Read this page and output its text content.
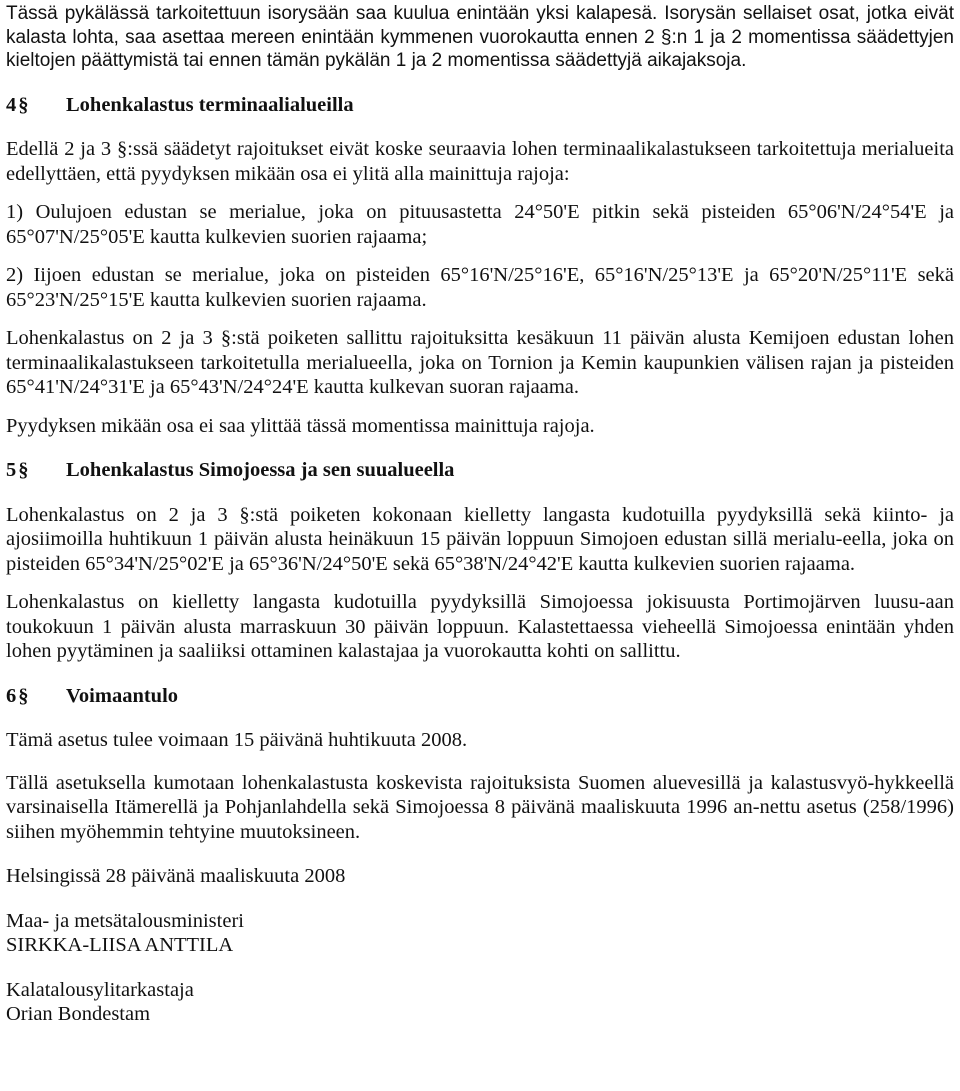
Tässä pykälässä tarkoitettuun isorysään saa kuulua enintään yksi kalapesä. Isorysän sellaiset osat, jotka eivät kalasta lohta, saa asettaa mereen enintään kymmenen vuorokautta ennen 2 §:n 1 ja 2 momentissa säädettyjen kieltojen päättymistä tai ennen tämän pykälän 1 ja 2 momentissa säädettyjä aikajaksoja.

4§	Lohenkalastus terminaalialueilla

Edellä 2 ja 3 §:ssä säädetyt rajoitukset eivät koske seuraavia lohen terminaalikalastukseen tarkoitettuja merialueita edellyttäen, että pyydyksen mikään osa ei ylitä alla mainittuja rajoja:

1) Oulujoen edustan se merialue, joka on pituusastetta 24°50'E pitkin sekä pisteiden 65°06'N/24°54'E ja 65°07'N/25°05'E kautta kulkevien suorien rajaama;

2) Iijoen edustan se merialue, joka on pisteiden 65°16'N/25°16'E, 65°16'N/25°13'E ja 65°20'N/25°11'E sekä 65°23'N/25°15'E kautta kulkevien suorien rajaama.

Lohenkalastus on 2 ja 3 §:stä poiketen sallittu rajoituksitta kesäkuun 11 päivän alusta Kemijoen edustan lohen terminaalikalastukseen tarkoitetulla merialueella, joka on Tornion ja Kemin kaupunkien välisen rajan ja pisteiden 65°41'N/24°31'E ja 65°43'N/24°24'E kautta kulkevan suoran rajaama.

Pyydyksen mikään osa ei saa ylittää tässä momentissa mainittuja rajoja.

5§	Lohenkalastus Simojoessa ja sen suualueella

Lohenkalastus on 2 ja 3 §:stä poiketen kokonaan kielletty langasta kudotuilla pyydyksillä sekä kiinto- ja ajosiimoilla huhtikuun 1 päivän alusta heinäkuun 15 päivän loppuun Simojoen edustan sillä merialu-eella, joka on pisteiden 65°34'N/25°02'E ja 65°36'N/24°50'E sekä 65°38'N/24°42'E kautta kulkevien suorien rajaama.

Lohenkalastus on kielletty langasta kudotuilla pyydyksillä Simojoessa jokisuusta Portimojärven luusu-aan toukokuun 1 päivän alusta marraskuun 30 päivän loppuun. Kalastettaessa vieheellä Simojoessa enintään yhden lohen pyytäminen ja saaliiksi ottaminen kalastajaa ja vuorokautta kohti on sallittu.

6§	Voimaantulo

Tämä asetus tulee voimaan 15 päivänä huhtikuuta 2008.

Tällä asetuksella kumotaan lohenkalastusta koskevista rajoituksista Suomen aluevesillä ja kalastusvyö-hykkeellä varsinaisella Itämerellä ja Pohjanlahdella sekä Simojoessa 8 päivänä maaliskuuta 1996 an-nettu asetus (258/1996) siihen myöhemmin tehtyine muutoksineen.

Helsingissä 28 päivänä maaliskuuta 2008

Maa- ja metsätalousministeri
SIRKKA-LIISA ANTTILA
Kalatalousylitarkastaja
Orian Bondestam
